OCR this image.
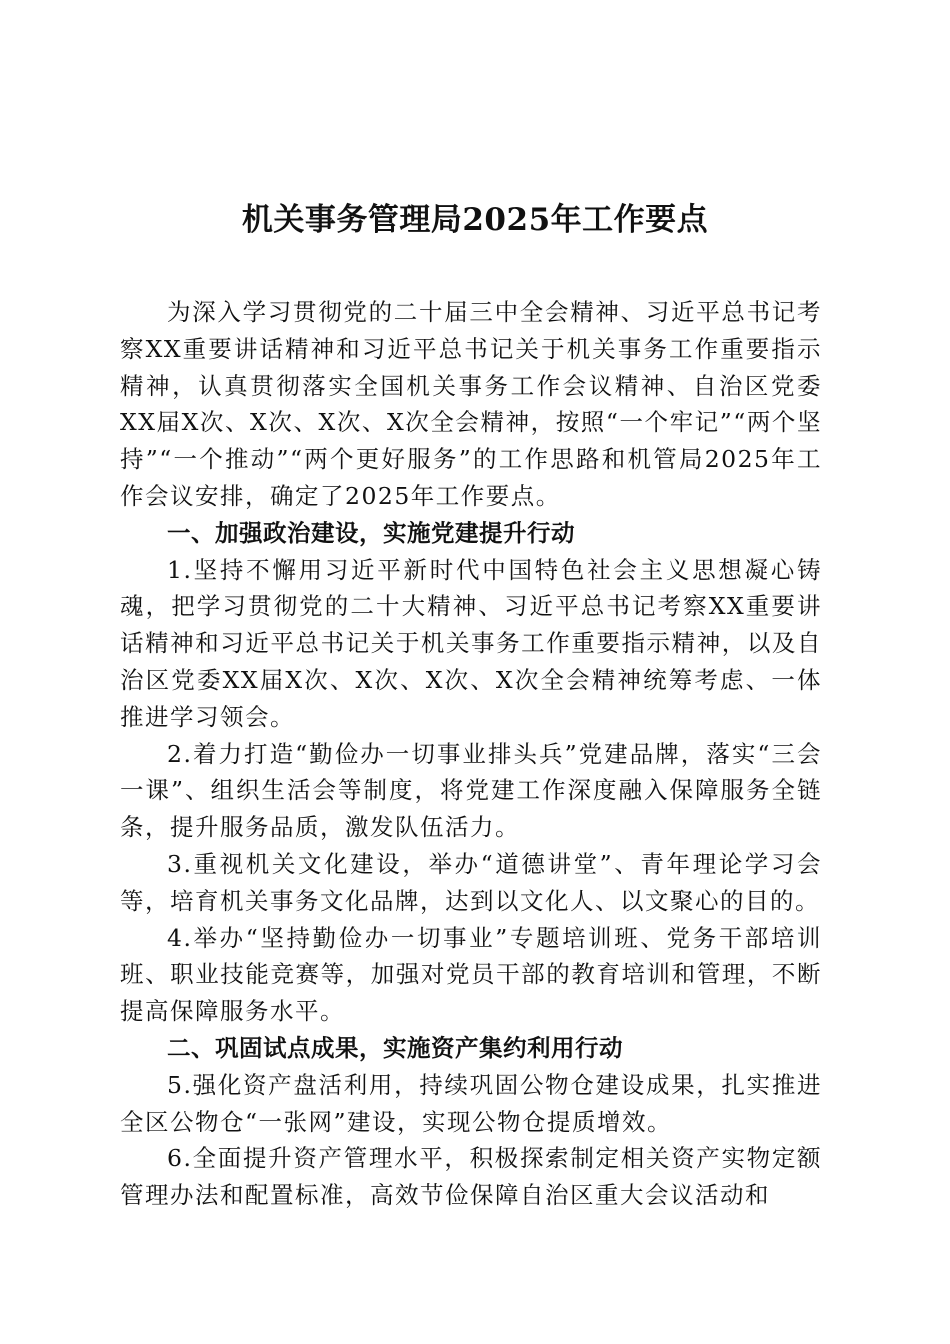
机关事务管理局2025年工作要点

为深入学习贯彻党的二十届三中全会精神、习近平总书记考察XX重要讲话精神和习近平总书记关于机关事务工作重要指示精神，认真贯彻落实全国机关事务工作会议精神、自治区党委XX届X次、X次、X次、X次全会精神，按照“一个牢记”“两个坚持”“一个推动”“两个更好服务”的工作思路和机管局2025年工作会议安排，确定了2025年工作要点。

一、加强政治建设，实施党建提升行动

1.坚持不懈用习近平新时代中国特色社会主义思想凝心铸魂，把学习贯彻党的二十大精神、习近平总书记考察XX重要讲话精神和习近平总书记关于机关事务工作重要指示精神，以及自治区党委XX届X次、X次、X次、X次全会精神统筹考虑、一体推进学习领会。

2.着力打造“勤俭办一切事业排头兵”党建品牌，落实“三会一课”、组织生活会等制度，将党建工作深度融入保障服务全链条，提升服务品质，激发队伍活力。

3.重视机关文化建设，举办“道德讲堂”、青年理论学习会等，培育机关事务文化品牌，达到以文化人、以文聚心的目的。

4.举办“坚持勤俭办一切事业”专题培训班、党务干部培训班、职业技能竞赛等，加强对党员干部的教育培训和管理，不断提高保障服务水平。

二、巩固试点成果，实施资产集约利用行动

5.强化资产盘活利用，持续巩固公物仓建设成果，扎实推进全区公物仓“一张网”建设，实现公物仓提质增效。

6.全面提升资产管理水平，积极探索制定相关资产实物定额管理办法和配置标准，高效节俭保障自治区重大会议活动和
